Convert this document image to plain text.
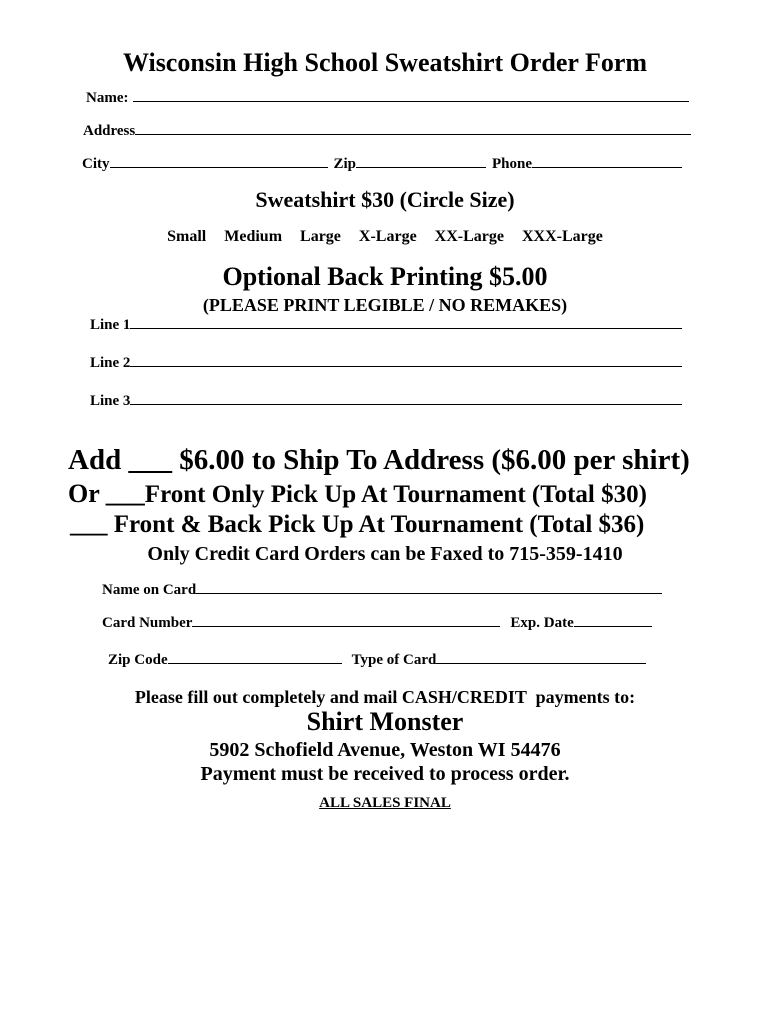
Wisconsin High School Sweatshirt Order Form
Name:
Address
City	Zip	Phone
Sweatshirt $30 (Circle Size)
Small Medium Large X-Large XX-Large XXX-Large
Optional Back Printing $5.00
(PLEASE PRINT LEGIBLE / NO REMAKES)
Line 1
Line 2
Line 3
Add ___ $6.00 to Ship To Address ($6.00 per shirt)
Or ___Front Only Pick Up At Tournament (Total $30)
___ Front & Back Pick Up At Tournament (Total $36)
Only Credit Card Orders can be Faxed to 715-359-1410
Name on Card
Card Number	Exp. Date
Zip Code	Type of Card
Please fill out completely and mail CASH/CREDIT  payments to:
Shirt Monster
5902 Schofield Avenue, Weston WI 54476
Payment must be received to process order.
ALL SALES FINAL
